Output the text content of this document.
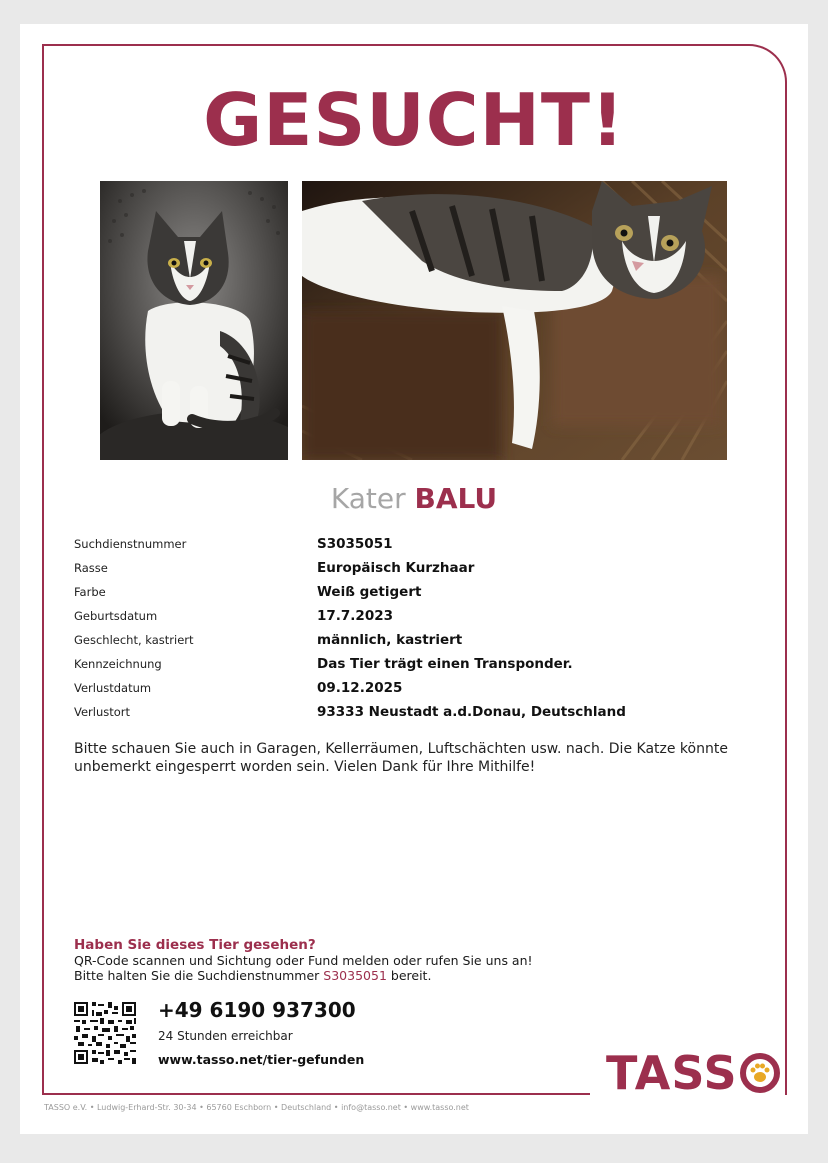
GESUCHT!
Kater BALU
Suchdienstnummer	S3035051
Rasse	Europäisch Kurzhaar
Farbe	Weiß getigert
Geburtsdatum	17.7.2023
Geschlecht, kastriert	männlich, kastriert
Kennzeichnung	Das Tier trägt einen Transponder.
Verlustdatum	09.12.2025
Verlustort	93333 Neustadt a.d.Donau, Deutschland
Bitte schauen Sie auch in Garagen, Kellerräumen, Luftschächten usw. nach. Die Katze könnte unbemerkt eingesperrt worden sein. Vielen Dank für Ihre Mithilfe!
Haben Sie dieses Tier gesehen?
QR-Code scannen und Sichtung oder Fund melden oder rufen Sie uns an!
Bitte halten Sie die Suchdienstnummer S3035051 bereit.
+49 6190 937300
24 Stunden erreichbar
www.tasso.net/tier-gefunden	TASS
TASSO e.V. • Ludwig-Erhard-Str. 30-34 • 65760 Eschborn • Deutschland • info@tasso.net • www.tasso.net
